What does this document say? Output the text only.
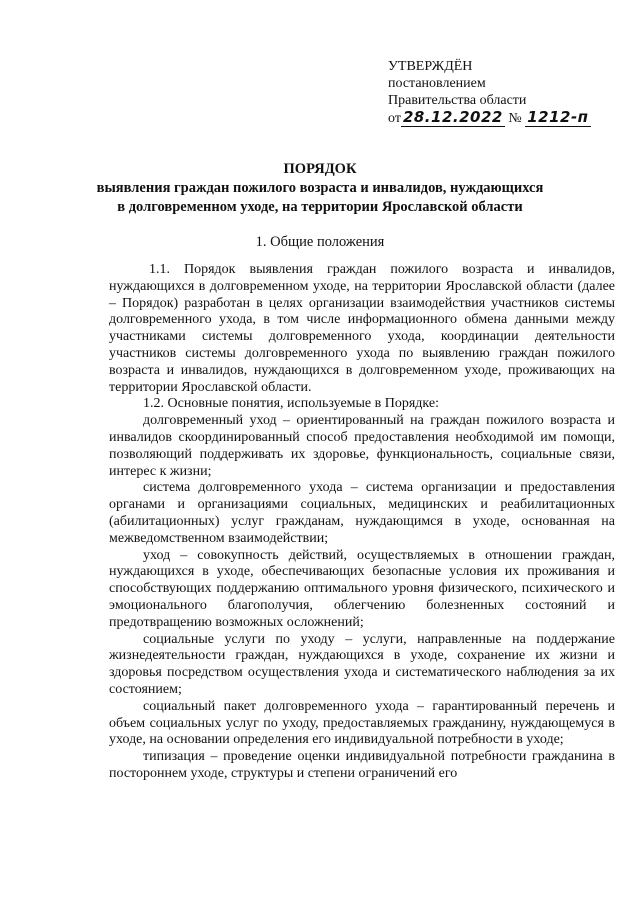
УТВЕРЖДЁН
постановлением
Правительства области
от 28.12.2022 № 1212-п
ПОРЯДОК
выявления граждан пожилого возраста и инвалидов, нуждающихся
в долговременном уходе, на территории Ярославской области
1. Общие положения

1.1. Порядок выявления граждан пожилого возраста и инвалидов, нуждающихся в долговременном уходе, на территории Ярославской области (далее – Порядок) разработан в целях организации взаимодействия участников системы долговременного ухода, в том числе информационного обмена данными между участниками системы долговременного ухода, координации деятельности участников системы долговременного ухода по выявлению граждан пожилого возраста и инвалидов, нуждающихся в долговременном уходе, проживающих на территории Ярославской области.

1.2. Основные понятия, используемые в Порядке:

долговременный уход – ориентированный на граждан пожилого возраста и инвалидов скоординированный способ предоставления необходимой им помощи, позволяющий поддерживать их здоровье, функциональность, социальные связи, интерес к жизни;

система долговременного ухода – система организации и предоставления органами и организациями социальных, медицинских и реабилитационных (абилитационных) услуг гражданам, нуждающимся в уходе, основанная на межведомственном взаимодействии;

уход – совокупность действий, осуществляемых в отношении граждан, нуждающихся в уходе, обеспечивающих безопасные условия их проживания и способствующих поддержанию оптимального уровня физического, психического и эмоционального благополучия, облегчению болезненных состояний и предотвращению возможных осложнений;

социальные услуги по уходу – услуги, направленные на поддержание жизнедеятельности граждан, нуждающихся в уходе, сохранение их жизни и здоровья посредством осуществления ухода и систематического наблюдения за их состоянием;

социальный пакет долговременного ухода – гарантированный перечень и объем социальных услуг по уходу, предоставляемых гражданину, нуждающемуся в уходе, на основании определения его индивидуальной потребности в уходе;

типизация – проведение оценки индивидуальной потребности гражданина в постороннем уходе, структуры и степени ограничений его
